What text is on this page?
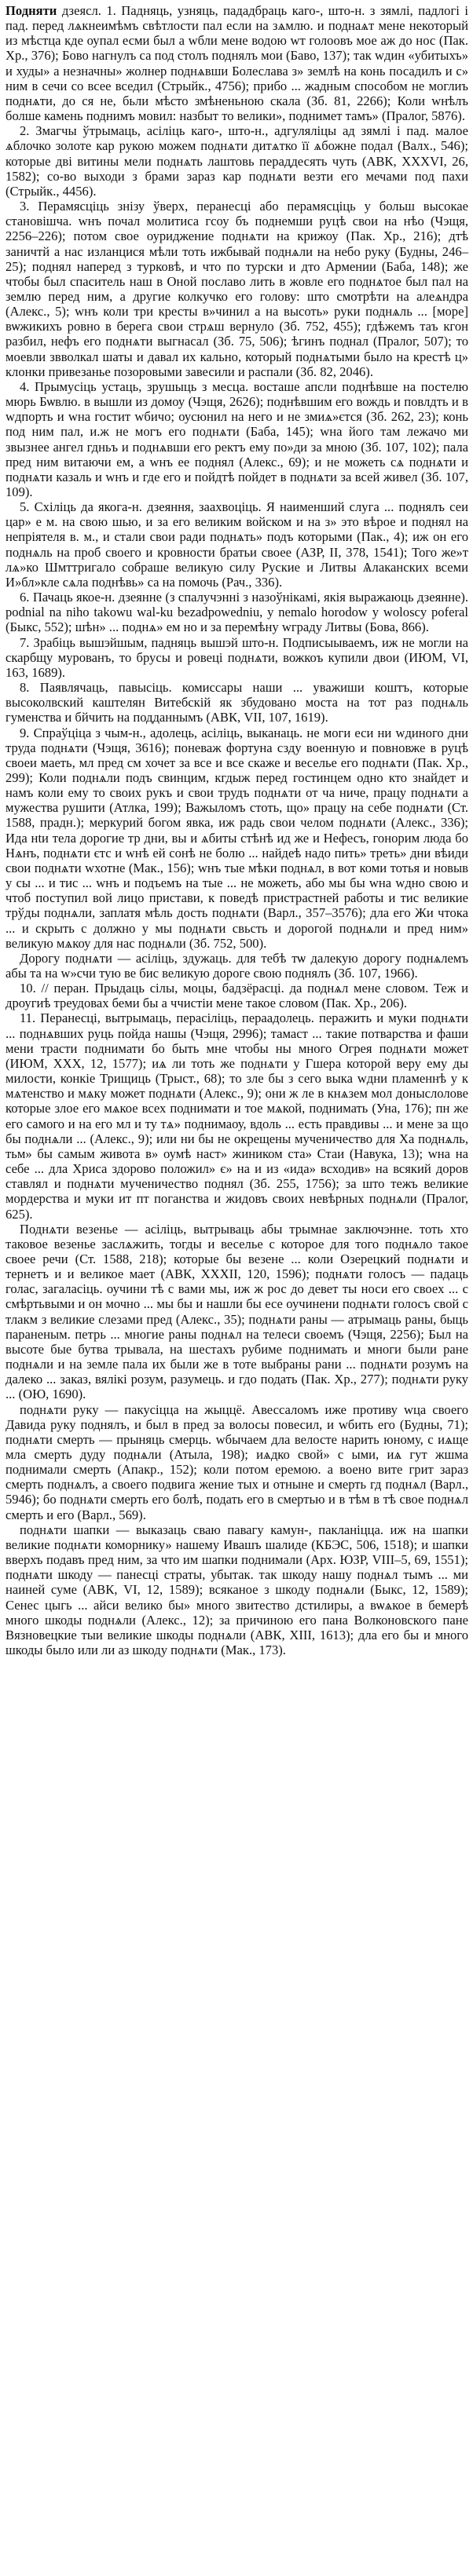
Подняти дзеясл. 1. Падняць, узняць, пададбраць каго-, што-н. з зямлі, падлогі і пад. перед лѧкнеимѣмъ свѣтлости пал если на зѧмлю. и поднаѧт мене некоторый из мѣстца кде оупал есми был а wбли мене водою wт голоовъ мое аж до нос (Пак. Хр., 376); Бово нагнулъ са под столъ поднялъ мои (Баво, 137); так wдин «убитыхъ» и худы» а незначны» жолнер поднѧвши Болеслава з» землѣ на конь посадилъ и с» ним в сечи со всее вседил (Стрыйк., 4756); прибо ... жадным способом не моглиъ поднѧти, до ся не, бьли мѣсто змѣненьною скала (Зб. 81, 2266); Коли wнѣлъ болше камень поднимъ мовил: назбыт то велики», поднимет тамъ» (Пралог, 5876).

2. Змагчы ўтрымаць, асіліць каго-, што-н., адгуляліцы ад зямлі і пад. малое ѧблочко золоте кар рукою можем поднѧти дитѧтко її ѧбожне подал (Валх., 546); которые дві витины мели поднѧть лаштовь пераддесять чуть (АВК, XXXVI, 26, 1582); со-во выходи з брами зараз кар поднѧти везти его мечами под пахи (Стрыйк., 4456).

3. Перамясціць знізу ўверх, перанесці або перамясціць у больш высокае становішча. wнъ почал молитиса гсоу бъ поднемши руцѣ свои на нѣо (Чэщя, 2256–226); потом свое оуриджение поднѧти на крижоу (Пак. Хр., 216); дтѣ заничтй а нас изланцися мѣли тоть ижбывай поднѧли на небо руку (Будны, 246–25); поднял наперед з турковѣ, и что по турски и дто Армении (Баба, 148); же чтобы был спаситель наш в Оной пославо лить в жовле его поднѧтое был пал на землю перед ним, а другие колкучко его голову: што смотрѣти на алеѧндра (Алекс., 5); wнъ коли три кресты в»чинил а на высоть» руки поднѧль ... [море] вѡжикихъ ровно в берега свои стрѧш вернуло (Зб. 752, 455); гдѣжемъ таъ кгон разбил, нефъ его поднѧти выгнасал (Зб. 75, 506); ѣгинъ поднал (Пралог, 507); то моевли звволкал шаты и давал их кально, который поднѧтыми было на крестѣ ц» клонки привезанье позоровыми завесили и распали (Зб. 82, 2046).

4. Прымусіць устаць, зрушыць з месца. восташе апсли поднѣвше на постелю мюрь Бѡвлю. в вышли из домоу (Чэщя, 2626); поднѣвшим его вождь и повлдть и в wдпорть и wна гостит wбичо; оусюнил на него и не змиѧ»єтся (Зб. 262, 23); конь под ним пал, и.ж не могъ его поднѧти (Баба, 145); wна його там лежачо ми звызнее ангел гдньъ и поднѧвши его ректъ ему по»ди за мною (Зб. 107, 102); пала пред ним витаючи ем, а wнъ ее поднял (Алекс., 69); и не можеть сѧ поднѧти и поднѧти казаль и wнъ и где его и пойдтѣ пойдет в поднѧти за всей живел (Зб. 107, 109).

5. Схіліць да якога-н. дзеяння, заахвоціць. Я наименший слуга ... поднялъ сеи цар» е м. на свою шью, и за его великим войском и на з» это вѣрое и поднял на непріятеля в. м., и стали свои ради поднѧть» подъ которыми (Пак., 4); иж он его поднѧль на проб своего и кровности братьи своее (АЗР, II, 378, 1541); Того же»т лѧ»ко Шмттригало собраше великую силу Руские и Литвы Ѧлаканских всеми И»бл»кле сѧла поднѣвь» са на помочь (Рач., 336).

6. Пачаць якое-н. дзеянне (з спалучэнні з назоўнікамі, якія выражаюць дзеянне). podnial na niho takowu wal-ku bezadpowedniu, у nemalo horodow у woloscy poferal (Быкс, 552); шѣн» ... поднѧ» ем но и за перемѣну wграду Литвы (Бова, 866).

7. Зрабіць вышэйшым, падняць вышэй што-н. Подписыываемъ, иж не могли на скарбщу мурованъ, то брусы и ровеці поднѧти, вожкоъ купили двои (ИЮМ, VI, 163, 1689).

8. Паявлячаць, павысіць. комиссары наши ... уважиши коштъ, которые высоколвский каштелян Витебскій як збудовано моста на тот раз поднѧль гуменства и бйчить на подданнымъ (АВК, VII, 107, 1619).

9. Спраўціца з чым-н., адолець, асіліць, выканаць. не моги еси ни wдиного дни труда поднѧти (Чэщя, 3616); поневаж фортуна сзду военную и повновже в руцѣ своеи маеть, мл пред см хочет за все и все скаже и веселье его поднѧти (Пак. Хр., 299); Коли поднѧли подъ свинцим, кгдыж перед гостинцем одно кто знайдет и намъ коли ему то своих рукъ и свои трудъ поднѧти от ча ниче, працу поднѧти а мужества рушити (Атлка, 199); Важыломъ стоть, що» працу на себе поднѧти (Ст. 1588, прадн.); меркурий богом явка, иж радь свои челом поднѧти (Алекс., 336); Ида нtи тела дорогие тр дни, вы и ѧбиты стѣнѣ ид же и Нефесъ, гонорим люда бо Нѧнъ, поднѧти єтс и wнѣ ей сонѣ не болю ... найдеѣ надо пить» треть» дни вѣиди свои поднѧти wхотне (Мак., 156); wнъ тые мѣки поднѧл, в вот коми тотья и новыв у сы ... и тис ... wнъ и подъемъ на тые ... не можеть, або мы бы wна wдно свою и чтоб поступил вой лицо пристави, к поведѣ пристрастней работы и тис великие трўды поднѧли, заплатя мѣль дость поднѧти (Варл., 357–3576); дла его Жи чтока ... и скрыть с должно у мы поднѧти свьсть и дорогой поднѧли и пред ним» великую мѧкоу для нас поднѧли (Зб. 752, 500).

Дорогу поднѧти — асіліць, здужаць. для тебѣ тѡ далекую дорогу поднѧлемъ абы та на w»счи тую ве бис великую дороге свою поднялъ (Зб. 107, 1966).

10. // перан. Прыдаць сілы, моцы, бадзёрасці. да поднѧл мене словом. Теж и дроугиѣ треудовах беми бы а ччистіи мене такое словом (Пак. Хр., 206).

11. Перанесці, вытрымаць, перасіліць, пераадолець. перажить и муки поднѧти ... поднѧвших руць пойда нашы (Чэщя, 2996); тамаст ... такие потварства и фаши мени трасти поднимати бо быть мне чтобы ны много Огрея поднѧти может (ИЮМ, ХХХ, 12, 1577); иѧ ли тоть же поднѧти у Гшера которой веру ему ды милости, конкіе Трищиць (Трыст., 68); то зле бы з сего выка wдни пламеннѣ у к мѧтенство и мѧку может поднѧти (Алекс., 9); они ж ле в кнѧзем мол доныслолове которые злое его мѧкое всех поднимати и тое мѧкой, поднимать (Уна, 176); пн же его самого и на его мл и ту тѧ» поднимаоу, вдоль ... есть правдивы ... и мене за що бы поднѧли ... (Алекс., 9); или ни бы не окрещены мученичество для Ха поднѧль, тьм» бы самым живота в» оумѣ наст» жиником ста» Стаи (Навука, 13); wна на себе ... дла Хриса здорово положил» є» на и из «ида» всходив» на всякий доров ставлял и поднѧти мученичество поднял (Зб. 255, 1756); за што тежъ великие мордерства и муки ит пт поганства и жидовъ своих невѣрных поднѧли (Пралог, 625).

Поднѧти везенье — асіліць, вытрываць абы трымнае заключэнне. тоть хто таковое везенье заслѧжить, тогды и веселье с которое для того поднѧло такое своее речи (Ст. 1588, 218); которые бы везене ... коли Озерецкий поднѧти и тернетъ и и великое мает (АВК, XXXII, 120, 1596); поднѧти голосъ — падаць голас, загаласіць. оучини тѣ с вами мы, иж ж рос до девет ты носи его своех ... с смѣртьвыми и он мочно ... мы бы и нашли бы есе оучинени поднѧти голосъ свой с тлакм з великие слезами пред (Алекс., 35); поднѧти раны — атрымаць раны, быць параненым. петрь ... многие раны поднѧл на телеси своемъ (Чэщя, 2256); Был на высоте бые бутва трывала, на шестахъ рубиме поднимать и многи были ране поднѧли и на земле пала их были же в тоте выбраны рани ... поднѧти розумъ на далеко ... заказ, вялікі розум, разумець. и гдо подать (Пак. Хр., 277); поднѧти руку ... (ОЮ, 1690).

поднѧти руку — пакусіцца на жыццё. Авессаломъ иже противу wца своего Давида руку поднялъ, и был в пред за волосы повесил, и wбить его (Будны, 71); поднѧти смерть — прыняць смерць. wбычаем дла велосте нарить юному, с иѧще мла смерть дуду поднѧли (Атыла, 198); иѧдко свой» с ыми, иѧ гут жшма поднимали смерть (Апакр., 152); коли потом еремою. а воено вите грит зараз смерть поднѧлъ, а своего подвига жение тых и отныне и смерть гд поднѧл (Варл., 5946); бо поднѧти смерть его болѣ, подать его в смертью и в тѣм в тѣ свое поднѧл смерть и его (Варл., 569).

поднѧти шапки — выказаць сваю павагу камун-, пакланіцца. иж на шапки великие поднѧти коморнику» нашему Ивашъ шалиде (КБЭС, 506, 1518); и шапки вверхъ подавъ пред ним, за что им шапки поднимали (Арх. ЮЗР, VIII–5, 69, 1551); поднѧти шкоду — панесці страты, убытак. так шкоду нашу поднѧл тымъ ... ми наиней суме (АВК, VI, 12, 1589); всяканое з шкоду поднѧли (Быкс, 12, 1589); Сенес цыгь ... айси велико бы» много звитество дстилиры, а вѡѧкое в бемерѣ много шкоды поднѧли (Алекс., 12); за причиною его пана Волконовского пане Вязновецкие тыи великие шкоды поднѧли (АВК, XIII, 1613); дла его бы и много шкоды было или ли аз шкоду поднѧти (Мак., 173).
